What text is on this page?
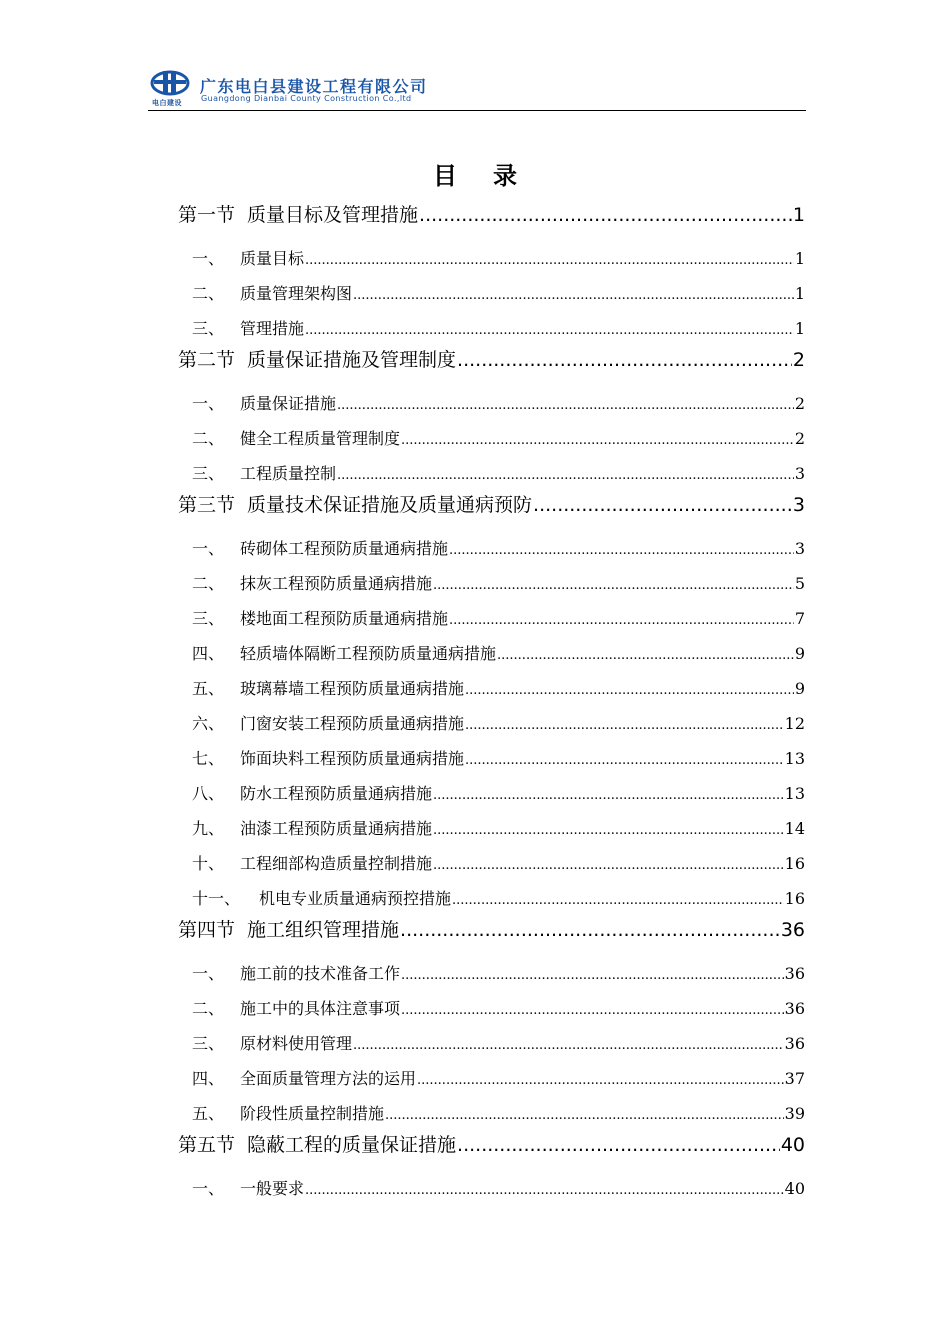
电白建设
广东电白县建设工程有限公司
Guangdong Dianbai County Construction Co.,ltd
目 录
第一节 质量目标及管理措施 .....	1
一、 质量目标 .....	1
二、 质量管理架构图 .....	1
三、 管理措施 .....	1
第二节 质量保证措施及管理制度 .....	2
一、 质量保证措施 .....	2
二、 健全工程质量管理制度 .....	2
三、 工程质量控制 .....	3
第三节 质量技术保证措施及质量通病预防 .....	3
一、 砖砌体工程预防质量通病措施 .....	3
二、 抹灰工程预防质量通病措施 .....	5
三、 楼地面工程预防质量通病措施 .....	7
四、 轻质墙体隔断工程预防质量通病措施 .....	9
五、 玻璃幕墙工程预防质量通病措施 .....	9
六、 门窗安装工程预防质量通病措施 .....	12
七、 饰面块料工程预防质量通病措施 .....	13
八、 防水工程预防质量通病措施 .....	13
九、 油漆工程预防质量通病措施 .....	14
十、 工程细部构造质量控制措施 .....	16
十一、	机电专业质量通病预控措施 .....	16
第四节 施工组织管理措施 .....	36
一、 施工前的技术准备工作 .....	36
二、 施工中的具体注意事项 .....	36
三、 原材料使用管理 .....	36
四、 全面质量管理方法的运用 .....	37
五、 阶段性质量控制措施 .....	39
第五节 隐蔽工程的质量保证措施 .....	40
一、 一般要求 .....	40
